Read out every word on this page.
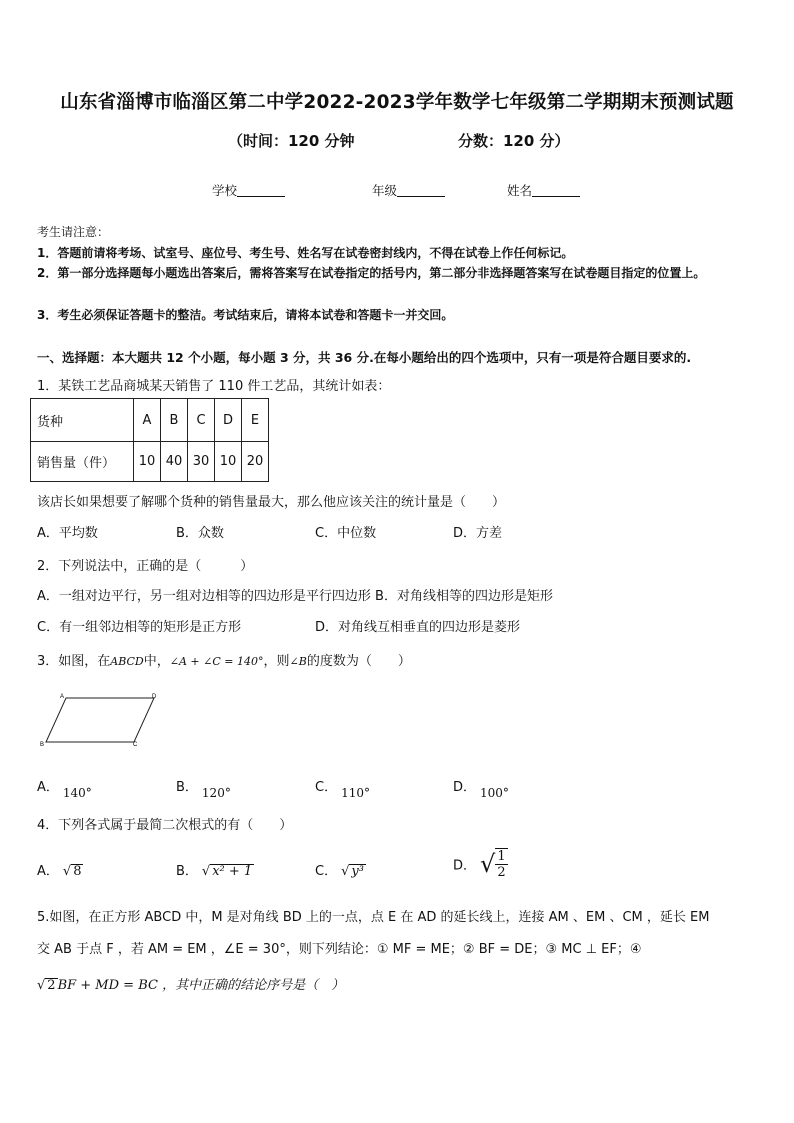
山东省淄博市临淄区第二中学2022-2023学年数学七年级第二学期期末预测试题
（时间：120 分钟	分数：120 分）
学校	年级	姓名
考生请注意：
1．答题前请将考场、试室号、座位号、考生号、姓名写在试卷密封线内，不得在试卷上作任何标记。
2．第一部分选择题每小题选出答案后，需将答案写在试卷指定的括号内，第二部分非选择题答案写在试卷题目指定的位置上。
3．考生必须保证答题卡的整洁。考试结束后，请将本试卷和答题卡一并交回。
一、选择题：本大题共 12 个小题，每小题 3 分，共 36 分.在每小题给出的四个选项中，只有一项是符合题目要求的.
1．某铁工艺品商城某天销售了 110 件工艺品，其统计如表：
货种	A	B	C	D	E
销售量（件）	10	40	30	10	20
该店长如果想要了解哪个货种的销售量最大，那么他应该关注的统计量是（　　）
A．平均数	B．众数	C．中位数	D．方差
2．下列说法中，正确的是（　　　）
A．一组对边平行，另一组对边相等的四边形是平行四边形 B．对角线相等的四边形是矩形
C．有一组邻边相等的矩形是正方形	D．对角线互相垂直的四边形是菱形
3．如图，在ABCD中，∠A + ∠C = 140°，则∠B的度数为（　　）
A	D
B	C
A． 140°	B． 120°	C． 110°	D． 100°
4．下列各式属于最简二次根式的有（　　）
A． √ 8	B． √ x² + 1	C． √ y³	D． √ $\frac{1}{2}$
5.如图，在正方形 ABCD 中，M 是对角线 BD 上的一点，点 E 在 AD 的延长线上，连接 AM 、EM 、CM ，延长 EM
交 AB 于点 F ，若 AM = EM ，∠E = 30°，则下列结论：① MF = ME；② BF = DE；③ MC ⊥ EF；④
√ 2 BF + MD = BC ，其中正确的结论序号是（　）
